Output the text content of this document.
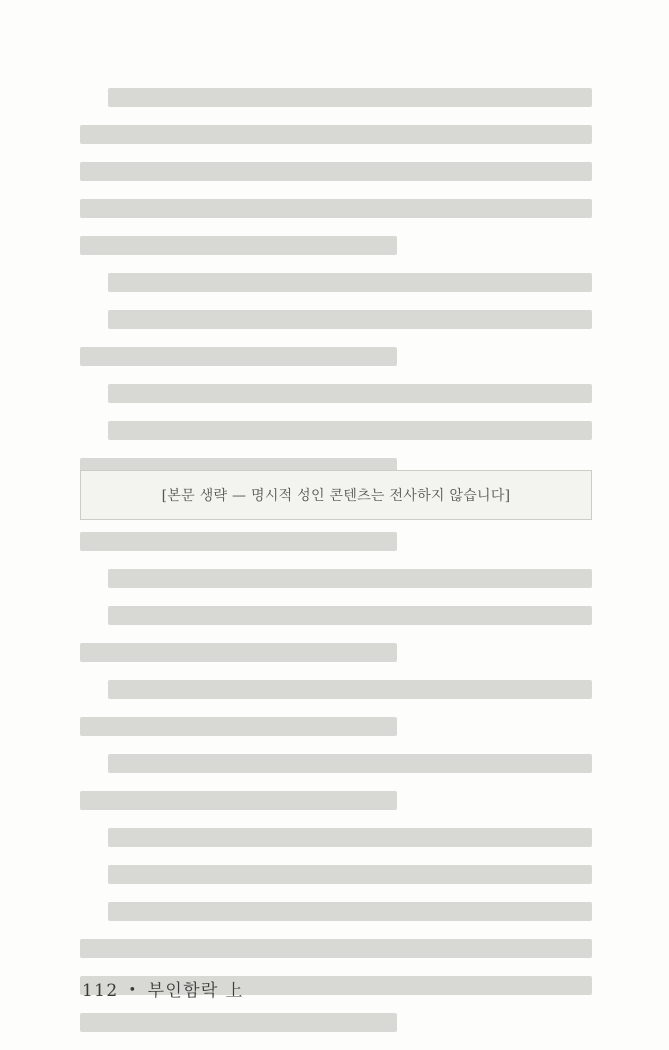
[본문 생략 — 명시적 성인 콘텐츠는 전사하지 않습니다]
112 • 부인함락 上
